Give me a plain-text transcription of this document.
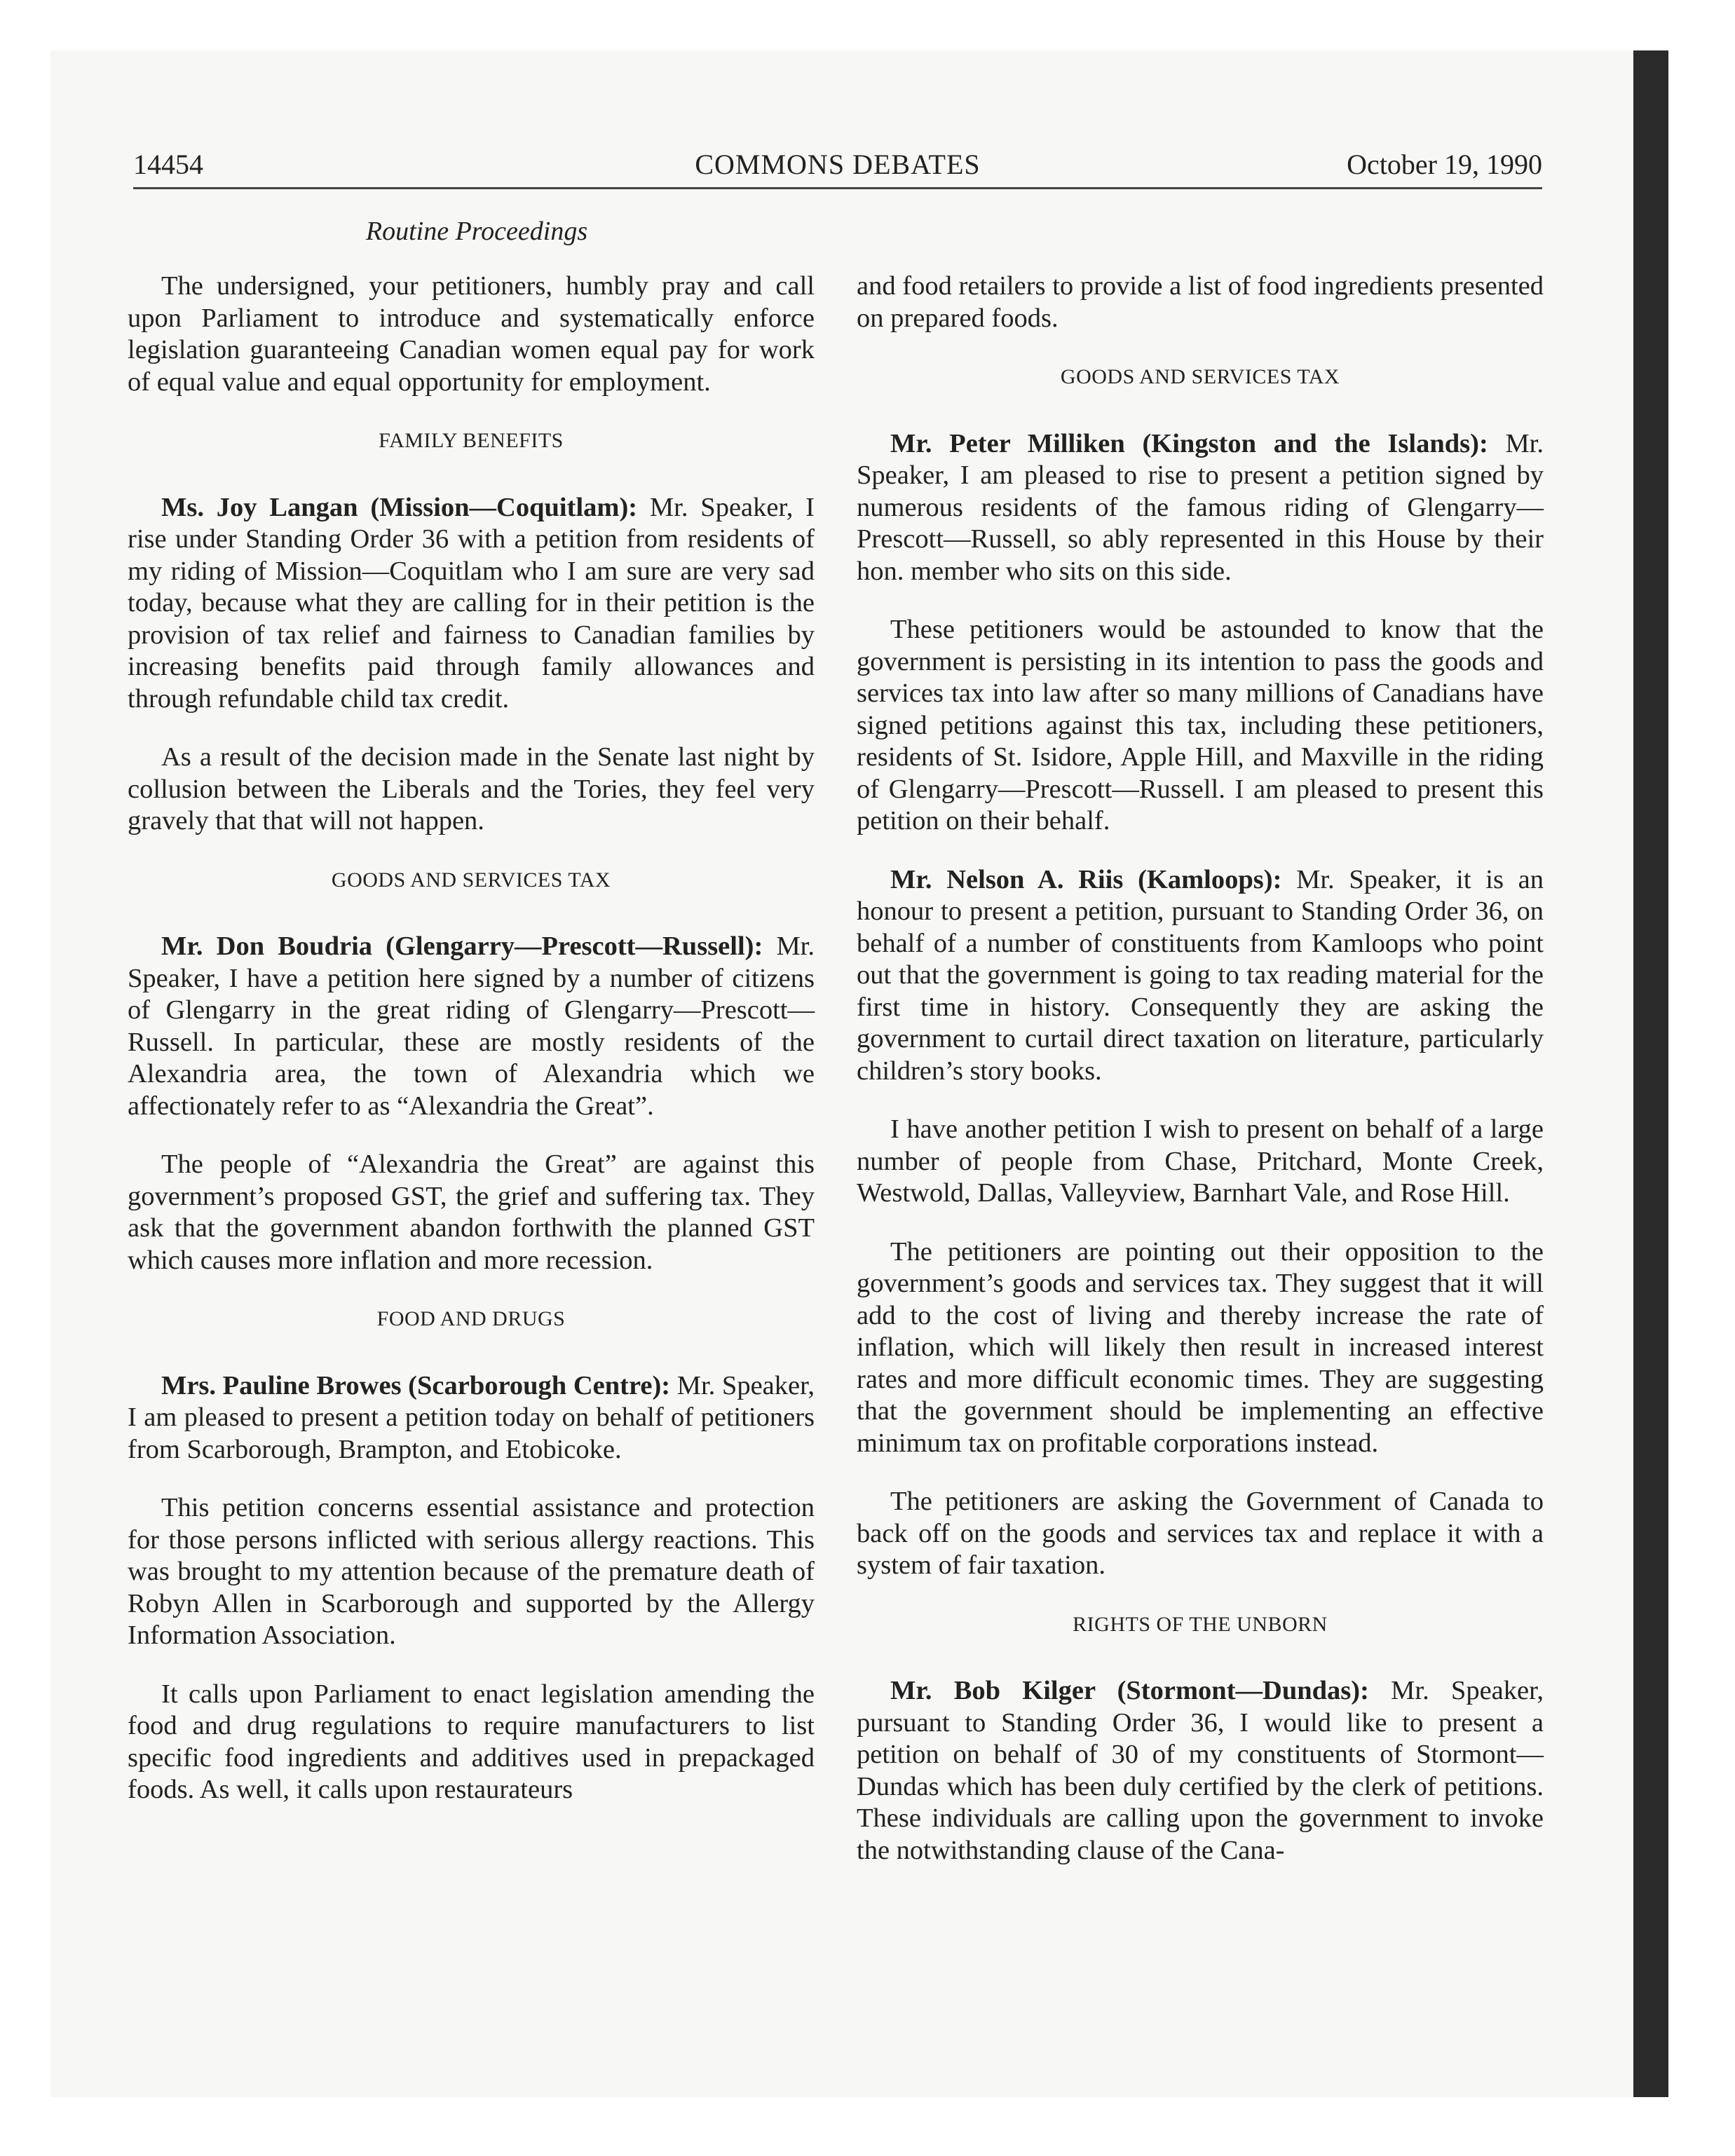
14454	COMMONS DEBATES	October 19, 1990
Routine Proceedings

The undersigned, your petitioners, humbly pray and call upon Parliament to introduce and systematically enforce legislation guaranteeing Canadian women equal pay for work of equal value and equal opportunity for employment.

FAMILY BENEFITS

Ms. Joy Langan (Mission—Coquitlam): Mr. Speaker, I rise under Standing Order 36 with a petition from residents of my riding of Mission—Coquitlam who I am sure are very sad today, because what they are calling for in their petition is the provision of tax relief and fairness to Canadian families by increasing benefits paid through family allowances and through refundable child tax credit.

As a result of the decision made in the Senate last night by collusion between the Liberals and the Tories, they feel very gravely that that will not happen.

GOODS AND SERVICES TAX

Mr. Don Boudria (Glengarry—Prescott—Russell): Mr. Speaker, I have a petition here signed by a number of citizens of Glengarry in the great riding of Glengarry—Prescott—Russell. In particular, these are mostly residents of the Alexandria area, the town of Alexandria which we affectionately refer to as “Alexandria the Great”.

The people of “Alexandria the Great” are against this government’s proposed GST, the grief and suffering tax. They ask that the government abandon forthwith the planned GST which causes more inflation and more recession.

FOOD AND DRUGS

Mrs. Pauline Browes (Scarborough Centre): Mr. Speaker, I am pleased to present a petition today on behalf of petitioners from Scarborough, Brampton, and Etobicoke.

This petition concerns essential assistance and protection for those persons inflicted with serious allergy reactions. This was brought to my attention because of the premature death of Robyn Allen in Scarborough and supported by the Allergy Information Association.

It calls upon Parliament to enact legislation amending the food and drug regulations to require manufacturers to list specific food ingredients and additives used in prepackaged foods. As well, it calls upon restaurateurs

and food retailers to provide a list of food ingredients presented on prepared foods.

GOODS AND SERVICES TAX

Mr. Peter Milliken (Kingston and the Islands): Mr. Speaker, I am pleased to rise to present a petition signed by numerous residents of the famous riding of Glengarry—Prescott—Russell, so ably represented in this House by their hon. member who sits on this side.

These petitioners would be astounded to know that the government is persisting in its intention to pass the goods and services tax into law after so many millions of Canadians have signed petitions against this tax, including these petitioners, residents of St. Isidore, Apple Hill, and Maxville in the riding of Glengarry—Prescott—Russell. I am pleased to present this petition on their behalf.

Mr. Nelson A. Riis (Kamloops): Mr. Speaker, it is an honour to present a petition, pursuant to Standing Order 36, on behalf of a number of constituents from Kamloops who point out that the government is going to tax reading material for the first time in history. Consequently they are asking the government to curtail direct taxation on literature, particularly children’s story books.

I have another petition I wish to present on behalf of a large number of people from Chase, Pritchard, Monte Creek, Westwold, Dallas, Valleyview, Barnhart Vale, and Rose Hill.

The petitioners are pointing out their opposition to the government’s goods and services tax. They suggest that it will add to the cost of living and thereby increase the rate of inflation, which will likely then result in increased interest rates and more difficult economic times. They are suggesting that the government should be implementing an effective minimum tax on profitable corporations instead.

The petitioners are asking the Government of Canada to back off on the goods and services tax and replace it with a system of fair taxation.

RIGHTS OF THE UNBORN

Mr. Bob Kilger (Stormont—Dundas): Mr. Speaker, pursuant to Standing Order 36, I would like to present a petition on behalf of 30 of my constituents of Stormont—Dundas which has been duly certified by the clerk of petitions. These individuals are calling upon the government to invoke the notwithstanding clause of the Cana-
